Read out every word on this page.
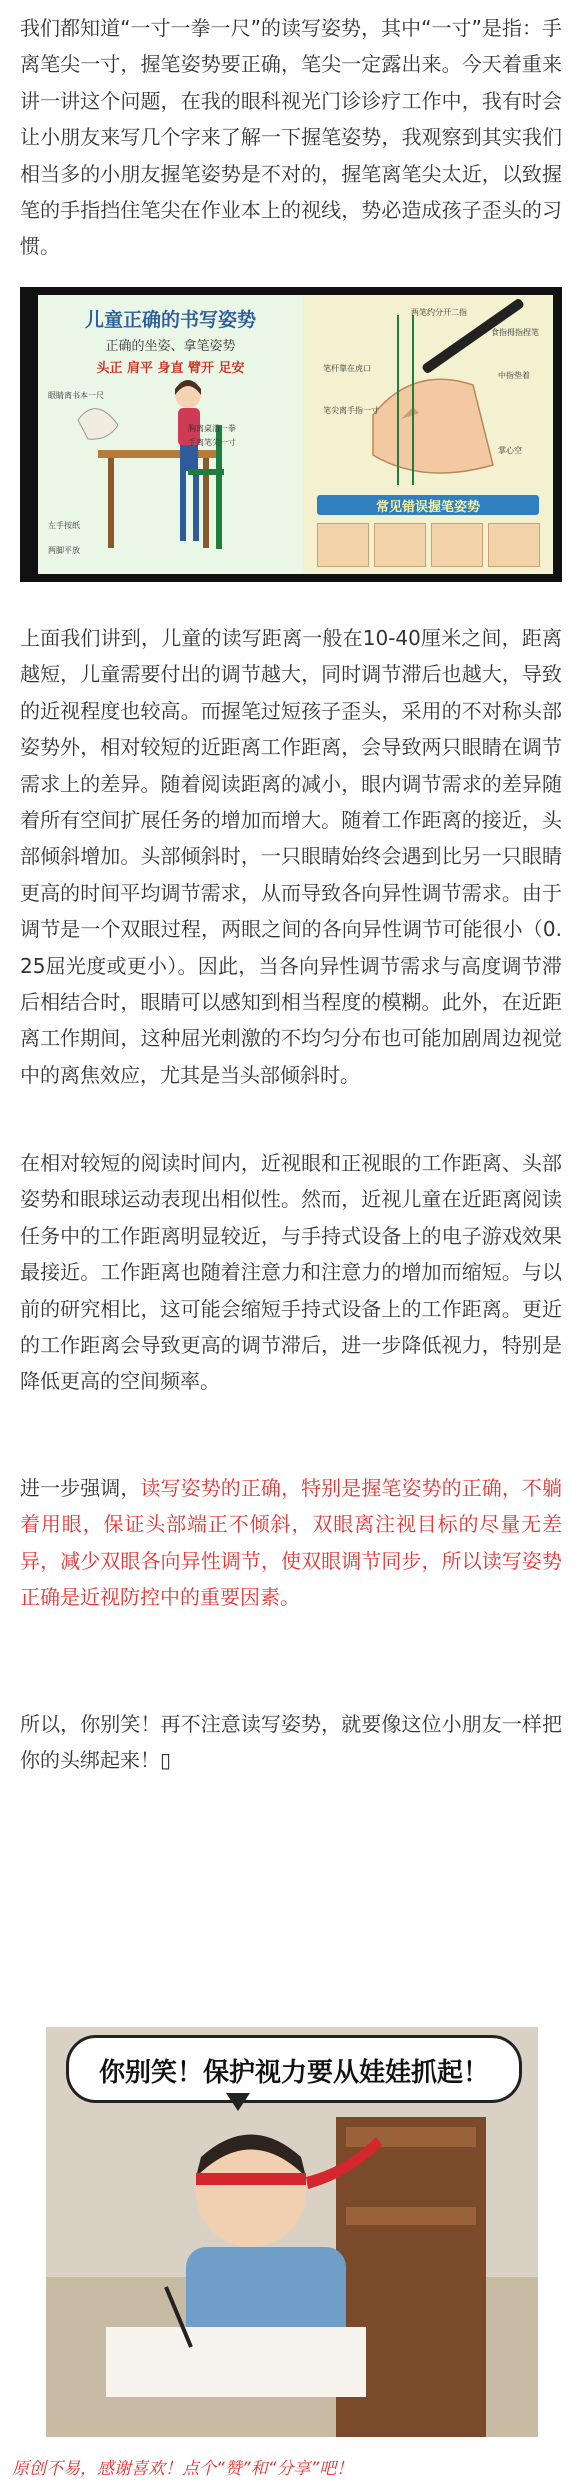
我们都知道“一寸一拳一尺”的读写姿势，其中“一寸”是指：手离笔尖一寸，握笔姿势要正确，笔尖一定露出来。今天着重来讲一讲这个问题，在我的眼科视光门诊诊疗工作中，我有时会让小朋友来写几个字来了解一下握笔姿势，我观察到其实我们相当多的小朋友握笔姿势是不对的，握笔离笔尖太近，以致握笔的手指挡住笔尖在作业本上的视线，势必造成孩子歪头的习惯。

儿童正确的书写姿势
正确的坐姿、拿笔姿势
头正 肩平 身直 臂开 足安
眼睛离书本一尺
胸离桌沿一拳
手离笔尖一寸
左手按纸
两脚平放
两笔约分开二指
食指拇指捏笔
笔杆靠在虎口
中指垫着
笔尖离手指一寸
掌心空
常见错误握笔姿势

上面我们讲到，儿童的读写距离一般在10-40厘米之间，距离越短，儿童需要付出的调节越大，同时调节滞后也越大，导致的近视程度也较高。而握笔过短孩子歪头，采用的不对称头部姿势外，相对较短的近距离工作距离，会导致两只眼睛在调节需求上的差异。随着阅读距离的减小，眼内调节需求的差异随着所有空间扩展任务的增加而增大。随着工作距离的接近，头部倾斜增加。头部倾斜时，一只眼睛始终会遇到比另一只眼睛更高的时间平均调节需求，从而导致各向异性调节需求。由于调节是一个双眼过程，两眼之间的各向异性调节可能很小（0.25屈光度或更小）。因此，当各向异性调节需求与高度调节滞后相结合时，眼睛可以感知到相当程度的模糊。此外，在近距离工作期间，这种屈光刺激的不均匀分布也可能加剧周边视觉中的离焦效应，尤其是当头部倾斜时。

在相对较短的阅读时间内，近视眼和正视眼的工作距离、头部姿势和眼球运动表现出相似性。然而，近视儿童在近距离阅读任务中的工作距离明显较近，与手持式设备上的电子游戏效果最接近。工作距离也随着注意力和注意力的增加而缩短。与以前的研究相比，这可能会缩短手持式设备上的工作距离。更近的工作距离会导致更高的调节滞后，进一步降低视力，特别是降低更高的空间频率。

进一步强调，读写姿势的正确，特别是握笔姿势的正确，不躺着用眼，保证头部端正不倾斜，双眼离注视目标的尽量无差异，减少双眼各向异性调节，使双眼调节同步，所以读写姿势正确是近视防控中的重要因素。

所以，你别笑！再不注意读写姿势，就要像这位小朋友一样把你的头绑起来！▯

你别笑！保护视力要从娃娃抓起！
原创不易，感谢喜欢！点个“赞”和“分享”吧！
